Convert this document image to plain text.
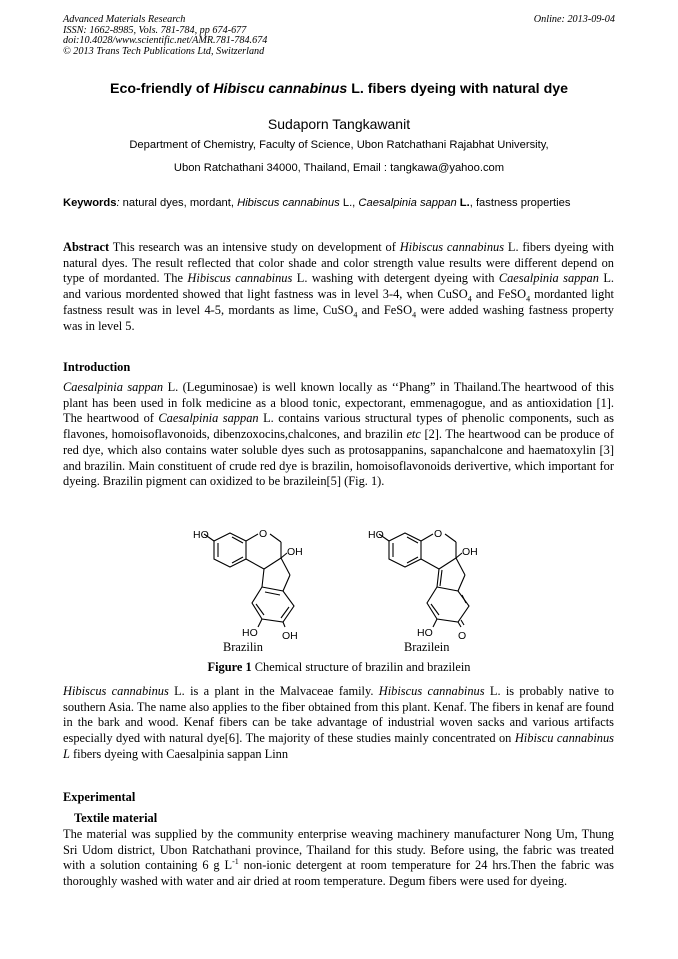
Advanced Materials Research
ISSN: 1662-8985, Vols. 781-784, pp 674-677
doi:10.4028/www.scientific.net/AMR.781-784.674
© 2013 Trans Tech Publications Ltd, Switzerland
Online: 2013-09-04
Eco-friendly of Hibiscu cannabinus L. fibers dyeing with natural dye
Sudaporn Tangkawanit
Department of Chemistry, Faculty of Science, Ubon Ratchathani Rajabhat University,
Ubon Ratchathani 34000, Thailand, Email : tangkawa@yahoo.com
Keywords: natural dyes, mordant, Hibiscus cannabinus L., Caesalpinia sappan L., fastness properties
Abstract This research was an intensive study on development of Hibiscus cannabinus L. fibers dyeing with natural dyes. The result reflected that color shade and color strength value results were different depend on type of mordanted. The Hibiscus cannabinus L. washing with detergent dyeing with Caesalpinia sappan L. and various mordented showed that light fastness was in level 3-4, when CuSO$_4$ and FeSO$_4$ mordanted light fastness result was in level 4-5, mordants as lime, CuSO$_4$ and FeSO$_4$ were added washing fastness property was in level 5.
Introduction
Caesalpinia sappan L. (Leguminosae) is well known locally as ‘‘Phang” in Thailand.The heartwood of this plant has been used in folk medicine as a blood tonic, expectorant, emmenagogue, and as antioxidation [1]. The heartwood of Caesalpinia sappan L. contains various structural types of phenolic components, such as flavones, homoisoflavonoids, dibenzoxocins,chalcones, and brazilin etc [2]. The heartwood can be produce of red dye, which also contains water soluble dyes such as protosappanins, sapanchalcone and haematoxylin [3] and brazilin. Main constituent of crude red dye is brazilin, homoisoflavonoids derivertive, which important for dyeing. Brazilin pigment can oxidized to be brazilein[5] (Fig. 1).
HO	O
OH
HO OH
HO	O
OH
HO O
Brazilin	Brazilein
Figure 1 Chemical structure of brazilin and brazilein
Hibiscus cannabinus L. is a plant in the Malvaceae family. Hibiscus cannabinus L. is probably native to southern Asia. The name also applies to the fiber obtained from this plant. Kenaf. The fibers in kenaf are found in the bark and wood. Kenaf fibers can be take advantage of industrial woven sacks and various artifacts especially dyed with natural dye[6]. The majority of these studies mainly concentrated on Hibiscu cannabinus L fibers dyeing with Caesalpinia sappan Linn
Experimental
Textile material
The material was supplied by the community enterprise weaving machinery manufacturer Nong Um, Thung Sri Udom district, Ubon Ratchathani province, Thailand for this study. Before using, the fabric was treated with a solution containing 6 g $L^{-1}$ non-ionic detergent at room temperature for 24 hrs.Then the fabric was thoroughly washed with water and air dried at room temperature. Degum fibers were used for dyeing.
